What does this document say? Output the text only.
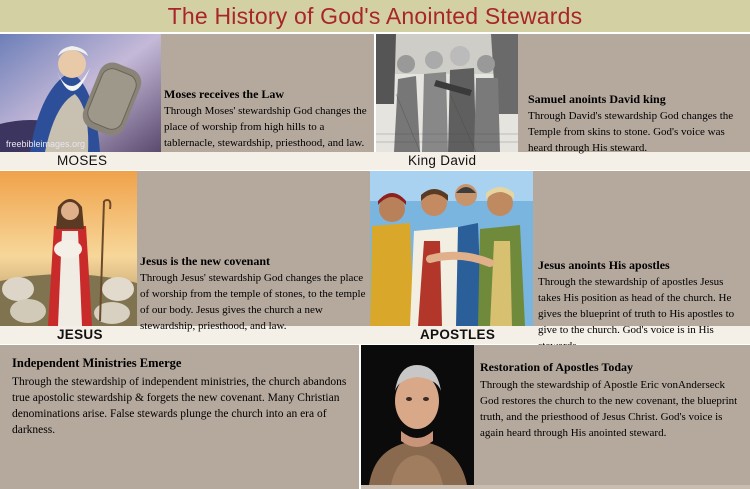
The History of God's Anointed Stewards
freebibleimages.org
MOSES

Moses receives the Law

Through Moses' stewardship God changes the place of worship from high hills to a tablernacle, stewardship, priesthood, and law.

King David

Samuel anoints David king

Through David's stewardship God changes the Temple from skins to stone. God's voice was heard through His steward.

JESUS

Jesus is the new covenant

Through Jesus' stewardship God changes the place of worship from the temple of stones, to the temple of our body. Jesus gives the church a new stewardship, priesthood, and law.

APOSTLES

Jesus anoints His apostles

Through the stewardship of apostles Jesus takes His position as head of the church. He gives the blueprint of truth to His apostles to give to the church. God's voice is in His

Independent Ministries Emerge

Through the stewardship of independent ministries, the church abandons true apostolic stewardship & forgets the new covenant. Many Christian denominations arise. False stewards plunge the church into an era of darkness.

Restoration of Apostles Today

Through the stewardship of Apostle Eric vonAnderseck God restores the church to the new covenant, the blueprint truth, and the priesthood of Jesus Christ. God's voice is again heard through His anointed steward.
